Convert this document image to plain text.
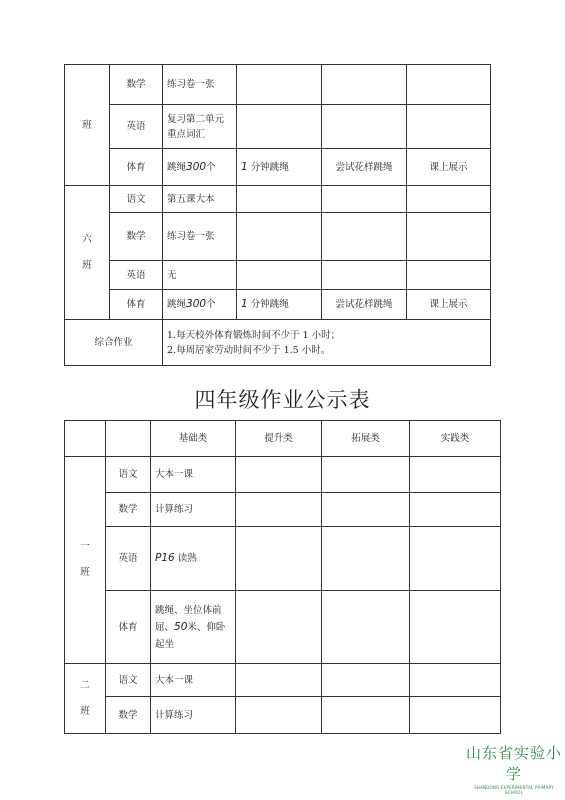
班	数学	练习卷一张			
	英语	复习第二单元重点词汇			
	体育	跳绳300个	1 分钟跳绳	尝试花样跳绳	课上展示
六
班	语文	第五课大本			
	数学	练习卷一张			
	英语	无			
	体育	跳绳300个	1 分钟跳绳	尝试花样跳绳	课上展示
综合作业		1.每天校外体育锻炼时间不少于 1 小时；
2.每周居家劳动时间不少于 1.5 小时。			
四年级作业公示表
		基础类	提升类	拓展类	实践类
一
班	语文	大本一课			
	数学	计算练习			
	英语	P16 读熟			
	体育	跳绳、坐位体前屈、50米、仰卧起坐			
二
班	语文	大本一课			
	数学	计算练习			
山东省实验小学
SHANDONG EXPERIMENTAL PRIMARY SCHOOL
